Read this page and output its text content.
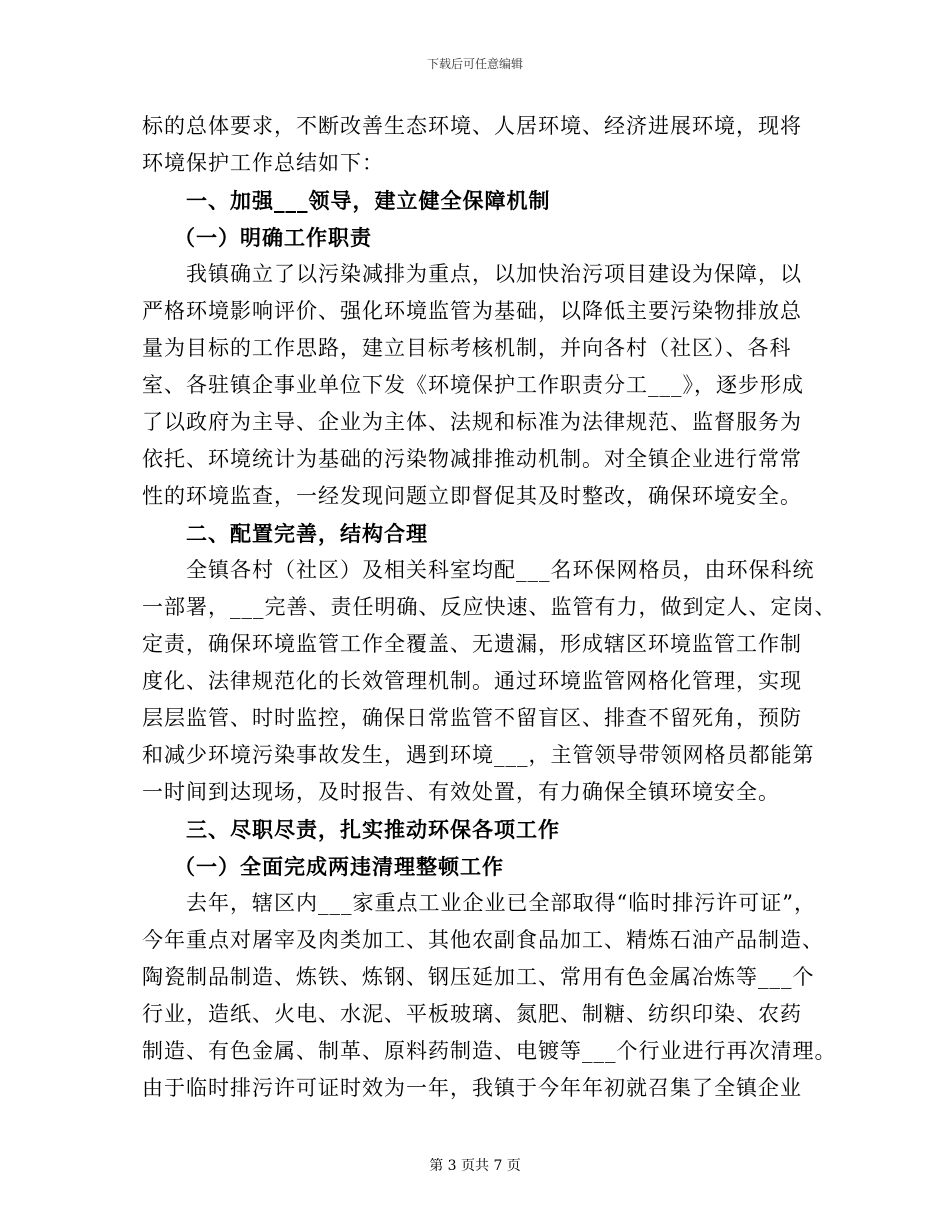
下载后可任意编辑
标的总体要求，不断改善生态环境、人居环境、经济进展环境，现将
环境保护工作总结如下：
一、加强___领导，建立健全保障机制
（一）明确工作职责
我镇确立了以污染减排为重点，以加快治污项目建设为保障，以
严格环境影响评价、强化环境监管为基础，以降低主要污染物排放总
量为目标的工作思路，建立目标考核机制，并向各村（社区）、各科
室、各驻镇企事业单位下发《环境保护工作职责分工___》，逐步形成
了以政府为主导、企业为主体、法规和标准为法律规范、监督服务为
依托、环境统计为基础的污染物减排推动机制。对全镇企业进行常常
性的环境监查，一经发现问题立即督促其及时整改，确保环境安全。
二、配置完善，结构合理
全镇各村（社区）及相关科室均配___名环保网格员，由环保科统
一部署，___完善、责任明确、反应快速、监管有力，做到定人、定岗、
定责，确保环境监管工作全覆盖、无遗漏，形成辖区环境监管工作制
度化、法律规范化的长效管理机制。通过环境监管网格化管理，实现
层层监管、时时监控，确保日常监管不留盲区、排查不留死角，预防
和减少环境污染事故发生，遇到环境___，主管领导带领网格员都能第
一时间到达现场，及时报告、有效处置，有力确保全镇环境安全。
三、尽职尽责，扎实推动环保各项工作
（一）全面完成两违清理整顿工作
去年，辖区内___家重点工业企业已全部取得“临时排污许可证”，
今年重点对屠宰及肉类加工、其他农副食品加工、精炼石油产品制造、
陶瓷制品制造、炼铁、炼钢、钢压延加工、常用有色金属冶炼等___个
行业，造纸、火电、水泥、平板玻璃、氮肥、制糖、纺织印染、农药
制造、有色金属、制革、原料药制造、电镀等___个行业进行再次清理。
由于临时排污许可证时效为一年，我镇于今年年初就召集了全镇企业
第 3 页共 7 页
